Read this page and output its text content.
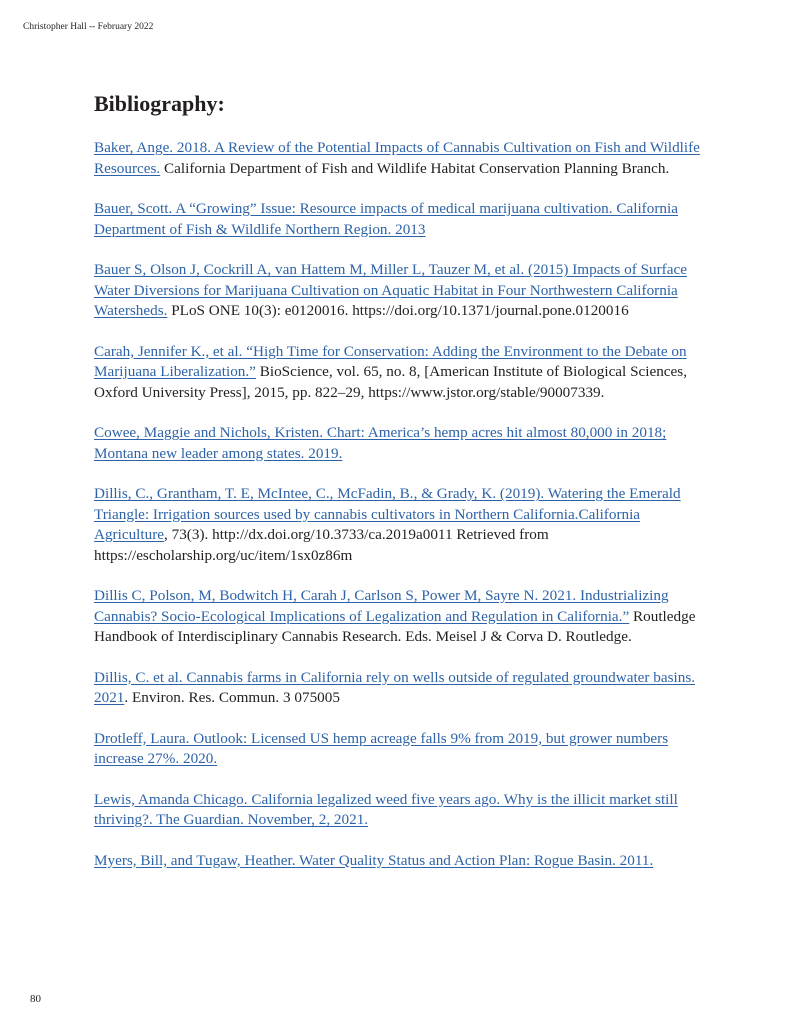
Christopher Hall -- February 2022
Bibliography:

Baker, Ange. 2018. A Review of the Potential Impacts of Cannabis Cultivation on Fish and Wildlife Resources. California Department of Fish and Wildlife Habitat Conservation Planning Branch.

Bauer, Scott. A “Growing” Issue: Resource impacts of medical marijuana cultivation. California Department of Fish & Wildlife Northern Region. 2013

Bauer S, Olson J, Cockrill A, van Hattem M, Miller L, Tauzer M, et al. (2015) Impacts of Surface Water Diversions for Marijuana Cultivation on Aquatic Habitat in Four Northwestern California Watersheds. PLoS ONE 10(3): e0120016. https://doi.org/10.1371/journal.pone.0120016

Carah, Jennifer K., et al. “High Time for Conservation: Adding the Environment to the Debate on Marijuana Liberalization.” BioScience, vol. 65, no. 8, [American Institute of Biological Sciences, Oxford University Press], 2015, pp. 822–29, https://www.jstor.org/stable/90007339.

Cowee, Maggie and Nichols, Kristen. Chart: America’s hemp acres hit almost 80,000 in 2018; Montana new leader among states. 2019.

Dillis, C., Grantham, T. E, McIntee, C., McFadin, B., & Grady, K. (2019). Watering the Emerald Triangle: Irrigation sources used by cannabis cultivators in Northern California.California Agriculture, 73(3). http://dx.doi.org/10.3733/ca.2019a0011 Retrieved from https://escholarship.org/uc/item/1sx0z86m

Dillis C, Polson, M, Bodwitch H, Carah J, Carlson S, Power M, Sayre N. 2021. Industrializing Cannabis? Socio-Ecological Implications of Legalization and Regulation in California.” Routledge Handbook of Interdisciplinary Cannabis Research. Eds. Meisel J & Corva D. Routledge.

Dillis, C. et al. Cannabis farms in California rely on wells outside of regulated groundwater basins. 2021. Environ. Res. Commun. 3 075005

Drotleff, Laura. Outlook: Licensed US hemp acreage falls 9% from 2019, but grower numbers increase 27%. 2020.

Lewis, Amanda Chicago. California legalized weed five years ago. Why is the illicit market still thriving?. The Guardian. November, 2, 2021.

Myers, Bill, and Tugaw, Heather. Water Quality Status and Action Plan: Rogue Basin. 2011.

80
